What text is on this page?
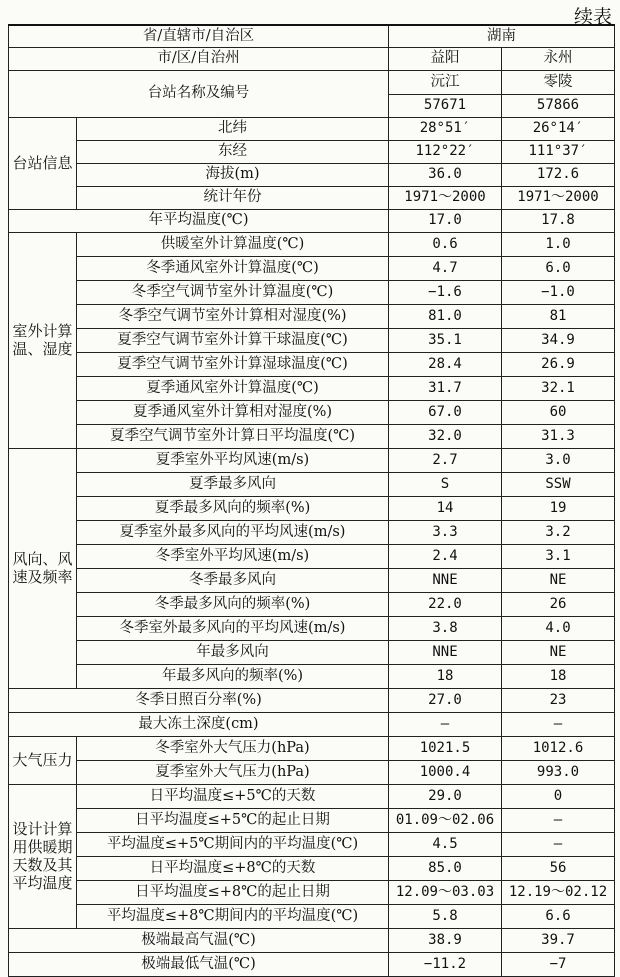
续表
省/直辖市/自治区		湖南	
市/区/自治州		益阳	永州
台站名称及编号		沅江	零陵
		57671	57866
台站信息	北纬	28°51′	26°14′
	东经	112°22′	111°37′
	海拔(m)	36.0	172.6
	统计年份	1971～2000	1971～2000
年平均温度(℃)		17.0	17.8
室外计算温、湿度	供暖室外计算温度(℃)	0.6	1.0
	冬季通风室外计算温度(℃)	4.7	6.0
	冬季空气调节室外计算温度(℃)	−1.6	−1.0
	冬季空气调节室外计算相对湿度(%)	81.0	81
	夏季空气调节室外计算干球温度(℃)	35.1	34.9
	夏季空气调节室外计算湿球温度(℃)	28.4	26.9
	夏季通风室外计算温度(℃)	31.7	32.1
	夏季通风室外计算相对湿度(%)	67.0	60
	夏季空气调节室外计算日平均温度(℃)	32.0	31.3
风向、风速及频率	夏季室外平均风速(m/s)	2.7	3.0
	夏季最多风向	S	SSW
	夏季最多风向的频率(%)	14	19
	夏季室外最多风向的平均风速(m/s)	3.3	3.2
	冬季室外平均风速(m/s)	2.4	3.1
	冬季最多风向	NNE	NE
	冬季最多风向的频率(%)	22.0	26
	冬季室外最多风向的平均风速(m/s)	3.8	4.0
	年最多风向	NNE	NE
	年最多风向的频率(%)	18	18
冬季日照百分率(%)		27.0	23
最大冻土深度(cm)		—	—
大气压力	冬季室外大气压力(hPa)	1021.5	1012.6
	夏季室外大气压力(hPa)	1000.4	993.0
设计计算用供暖期天数及其平均温度	日平均温度≤+5℃的天数	29.0	0
	日平均温度≤+5℃的起止日期	01.09～02.06	—
	平均温度≤+5℃期间内的平均温度(℃)	4.5	—
	日平均温度≤+8℃的天数	85.0	56
	日平均温度≤+8℃的起止日期	12.09～03.03	12.19～02.12
	平均温度≤+8℃期间内的平均温度(℃)	5.8	6.6
极端最高气温(℃)		38.9	39.7
极端最低气温(℃)		−11.2	−7
